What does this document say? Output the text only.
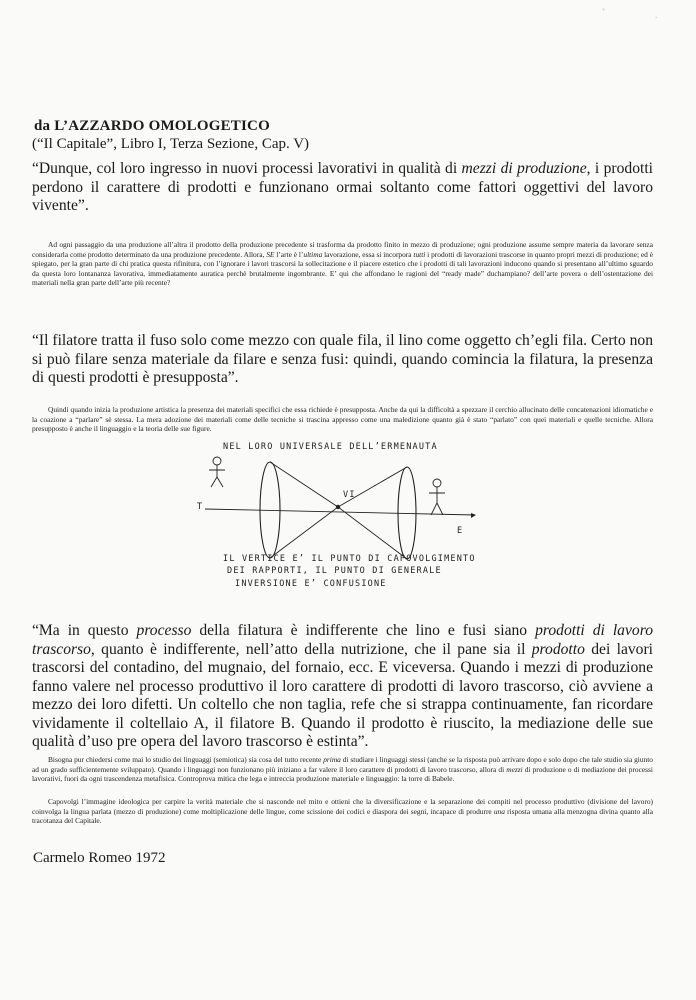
ﾞ	·
da L’AZZARDO OMOLOGETICO
(“Il Capitale”, Libro I, Terza Sezione, Cap. V)

“Dunque, col loro ingresso in nuovi processi lavorativi in qualità di mezzi di produzione, i prodotti perdono il carattere di prodotti e funzionano ormai soltanto come fattori oggettivi del lavoro vivente”.

Ad ogni passaggio da una produzione all’altra il prodotto della produzione precedente si trasforma da prodotto finito in mezzo di produzione; ogni produzione assume sempre materia da lavorare senza considerarla come prodotto determinato da una produzione precedente. Allora, SE l’arte è l’ultima lavorazione, essa si incorpora tutti i prodotti di lavorazioni trascorse in quanto propri mezzi di produzione; ed è spiegato, per la gran parte di chi pratica questa rifinitura, con l’ignorare i lavori trascorsi la sollecitazione e il piacere estetico che i prodotti di tali lavorazioni inducono quando si presentano all’ultimo sguardo da questa loro lontananza lavorativa, immediatamente auratica perchè brutalmente ingombrante. E’ qui che affondano le ragioni del “ready made” duchampiano? dell’arte povera o dell’ostentazione dei materiali nella gran parte dell’arte più recente?

“Il filatore tratta il fuso solo come mezzo con quale fila, il lino come oggetto ch’egli fila. Certo non si può filare senza materiale da filare e senza fusi: quindi, quando comincia la filatura, la presenza di questi prodotti è presupposta”.

Quindi quando inizia la produzione artistica la presenza dei materiali specifici che essa richiede è presupposta. Anche da qui la difficoltà a spezzare il cerchio allucinato delle concatenazioni idiomatiche e la coazione a “parlare” sè stessa. La mera adozione dei materiali come delle tecniche si trascina appresso come una maledizione quanto già è stato “parlato” con quei materiali e quelle tecniche. Allora presupposto è anche il linguaggio e la teoria delle sue figure.

NEL LORO UNIVERSALE DELL’ERMENAUTA
VI
T
E
IL VERTICE E’ IL PUNTO DI CAPOVOLGIMENTO
DEI RAPPORTI, IL PUNTO DI GENERALE
INVERSIONE E’ CONFUSIONE

“Ma in questo processo della filatura è indifferente che lino e fusi siano prodotti di lavoro trascorso, quanto è indifferente, nell’atto della nutrizione, che il pane sia il prodotto dei lavori trascorsi del contadino, del mugnaio, del fornaio, ecc. E viceversa. Quando i mezzi di produzione fanno valere nel processo produttivo il loro carattere di prodotti di lavoro trascorso, ciò avviene a mezzo dei loro difetti. Un coltello che non taglia, refe che si strappa continuamente, fan ricordare vividamente il coltellaio A, il filatore B. Quando il prodotto è riuscito, la mediazione delle sue qualità d’uso pre opera del lavoro trascorso è estinta”.

Bisogna pur chiedersi come mai lo studio dei linguaggi (semiotica) sia cosa del tutto recente prima di studiare i linguaggi stessi (anche se la risposta può arrivare dopo e solo dopo che tale studio sia giunto ad un grado sufficientemente sviluppato). Quando i linguaggi non funzionano più iniziano a far valere il loro carattere di prodotti di lavoro trascorso, allora di mezzi di produzione o di mediazione dei processi lavorativi, fuori da ogni trascendenza metafisica. Controprova mitica che lega e intreccia produzione materiale e linguaggio: la torre di Babele.

Capovolgi l’immagine ideologica per carpire la verità materiale che si nasconde nel mito e ottieni che la diversificazione e la separazione dei compiti nel processo produttivo (divisione del lavoro) coinvolga la lingua parlata (mezzo di produzione) come moltiplicazione delle lingue, come scissione dei codici e diaspora dei segni, incapace di produrre una risposta umana alla menzogna divina quanto alla tracotanza del Capitale.

Carmelo Romeo 1972
